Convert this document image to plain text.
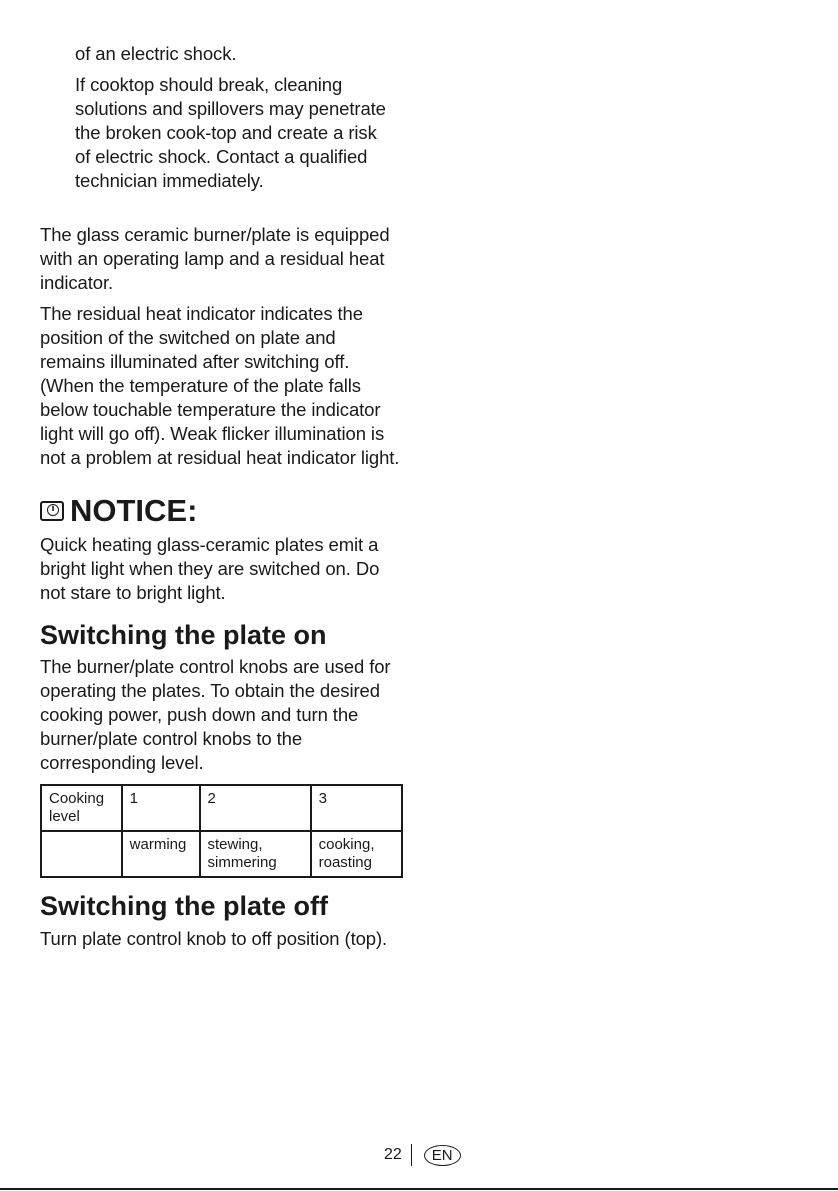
of an electric shock.

If cooktop should break, cleaning solutions and spillovers may penetrate the broken cook-top and create a risk of electric shock. Contact a qualified technician immediately.

The glass ceramic burner/plate is equipped with an operating lamp and a residual heat indicator.

The residual heat indicator indicates the position of the switched on plate and remains illuminated after switching off. (When the temperature of the plate falls below touchable temperature the indicator light will go off). Weak flicker illumination is not a problem at residual heat indicator light.

i NOTICE:

Quick heating glass-ceramic plates emit a bright light when they are switched on. Do not stare to bright light.

Switching the plate on

The burner/plate control knobs are used for operating the plates. To obtain the desired cooking power, push down and turn the burner/plate control knobs to the corresponding level.

Cooking level	1	2	3
	warming	stewing, simmering	cooking, roasting
Switching the plate off

Turn plate control knob to off position (top).

22	EN
